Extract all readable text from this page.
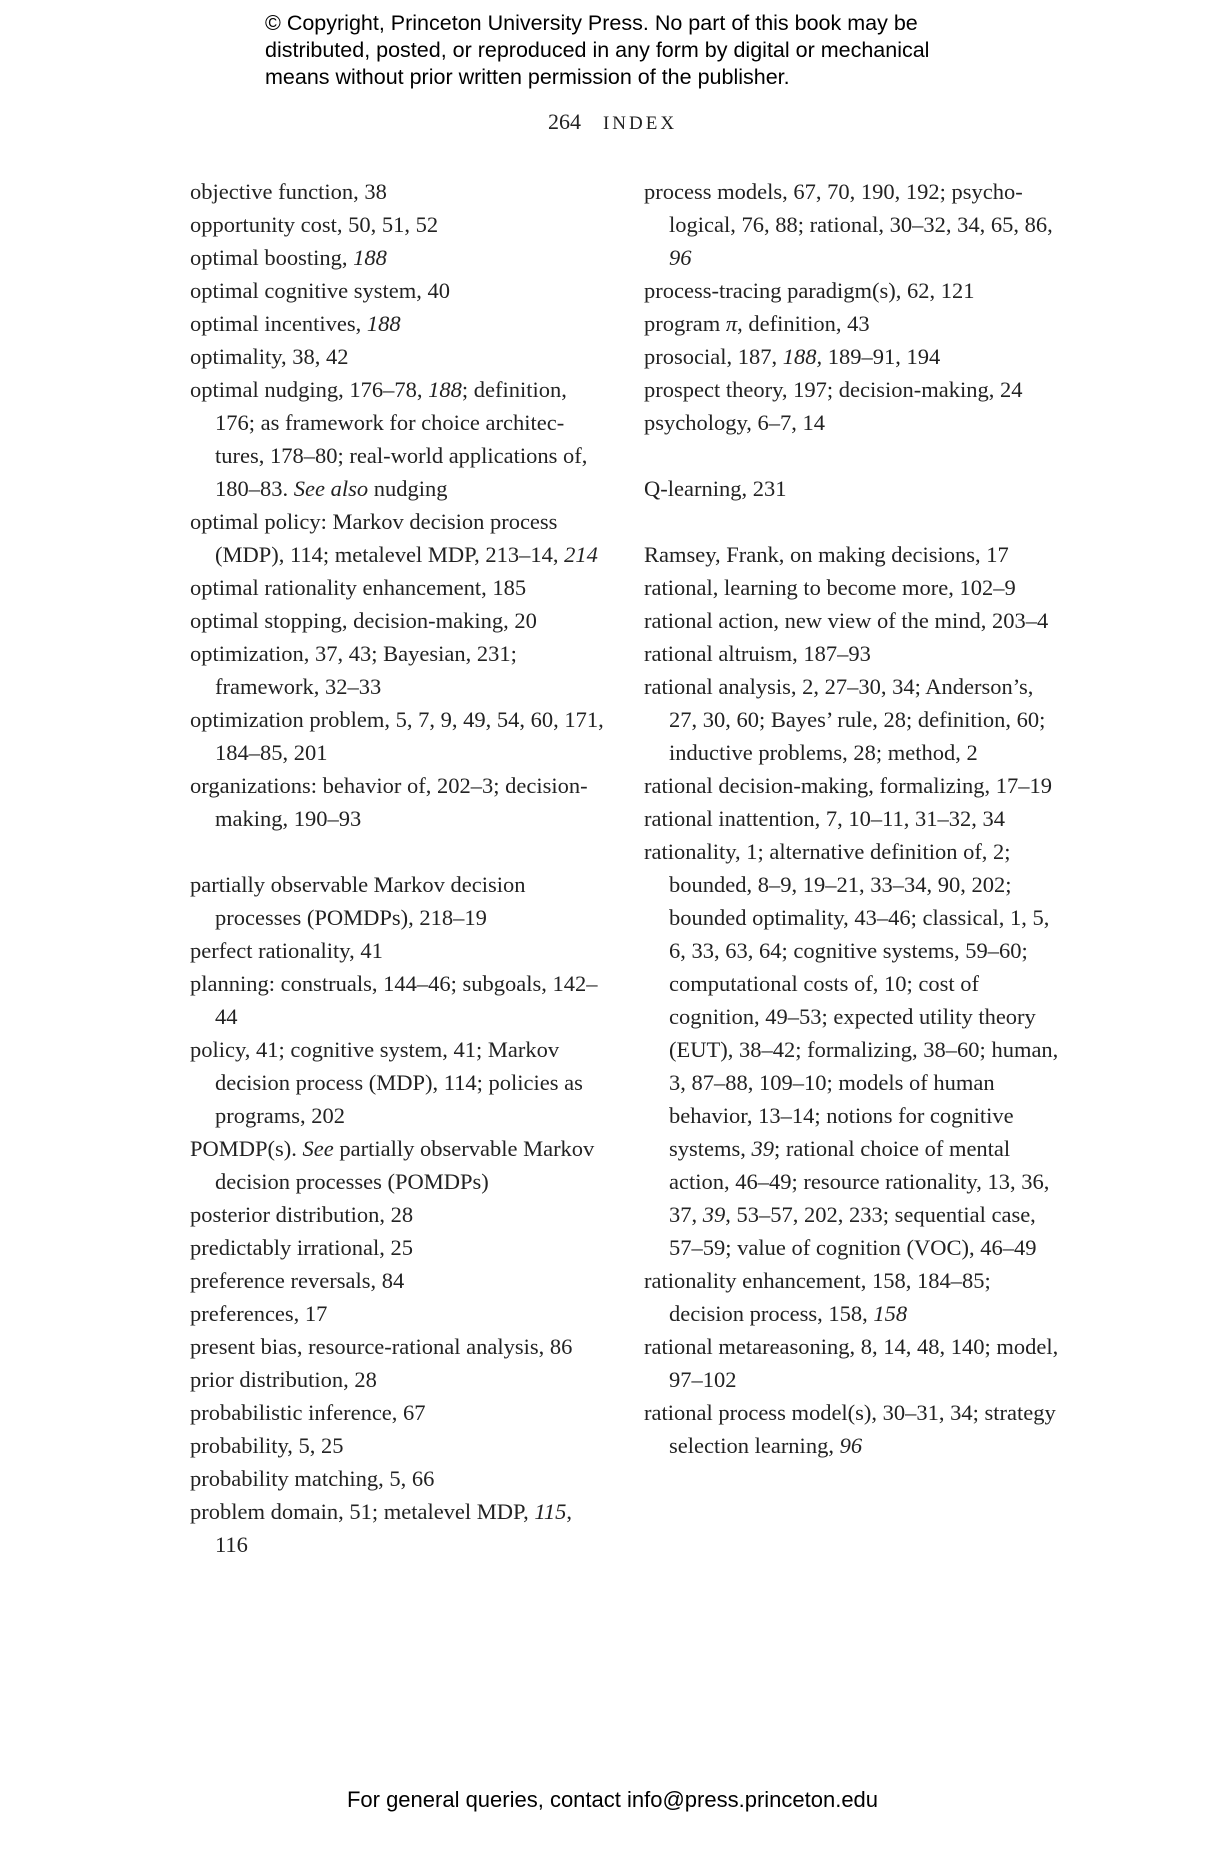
© Copyright, Princeton University Press. No part of this book may be distributed, posted, or reproduced in any form by digital or mechanical means without prior written permission of the publisher.
264 INDEX
objective function, 38
opportunity cost, 50, 51, 52
optimal boosting, 188
optimal cognitive system, 40
optimal incentives, 188
optimality, 38, 42
optimal nudging, 176–78, 188; definition, 176; as framework for choice architectures, 178–80; real-world applications of, 180–83. See also nudging
optimal policy: Markov decision process (MDP), 114; metalevel MDP, 213–14, 214
optimal rationality enhancement, 185
optimal stopping, decision-making, 20
optimization, 37, 43; Bayesian, 231; framework, 32–33
optimization problem, 5, 7, 9, 49, 54, 60, 171, 184–85, 201
organizations: behavior of, 202–3; decision-making, 190–93
partially observable Markov decision processes (POMDPs), 218–19
perfect rationality, 41
planning: construals, 144–46; subgoals, 142–44
policy, 41; cognitive system, 41; Markov decision process (MDP), 114; policies as programs, 202
POMDP(s). See partially observable Markov decision processes (POMDPs)
posterior distribution, 28
predictably irrational, 25
preference reversals, 84
preferences, 17
present bias, resource-rational analysis, 86
prior distribution, 28
probabilistic inference, 67
probability, 5, 25
probability matching, 5, 66
problem domain, 51; metalevel MDP, 115, 116
process models, 67, 70, 190, 192; psychological, 76, 88; rational, 30–32, 34, 65, 86, 96
process-tracing paradigm(s), 62, 121
program π, definition, 43
prosocial, 187, 188, 189–91, 194
prospect theory, 197; decision-making, 24
psychology, 6–7, 14
Q-learning, 231
Ramsey, Frank, on making decisions, 17
rational, learning to become more, 102–9
rational action, new view of the mind, 203–4
rational altruism, 187–93
rational analysis, 2, 27–30, 34; Anderson’s, 27, 30, 60; Bayes’ rule, 28; definition, 60; inductive problems, 28; method, 2
rational decision-making, formalizing, 17–19
rational inattention, 7, 10–11, 31–32, 34
rationality, 1; alternative definition of, 2; bounded, 8–9, 19–21, 33–34, 90, 202; bounded optimality, 43–46; classical, 1, 5, 6, 33, 63, 64; cognitive systems, 59–60; computational costs of, 10; cost of cognition, 49–53; expected utility theory (EUT), 38–42; formalizing, 38–60; human, 3, 87–88, 109–10; models of human behavior, 13–14; notions for cognitive systems, 39; rational choice of mental action, 46–49; resource rationality, 13, 36, 37, 39, 53–57, 202, 233; sequential case, 57–59; value of cognition (VOC), 46–49
rationality enhancement, 158, 184–85; decision process, 158, 158
rational metareasoning, 8, 14, 48, 140; model, 97–102
rational process model(s), 30–31, 34; strategy selection learning, 96
For general queries, contact info@press.princeton.edu
